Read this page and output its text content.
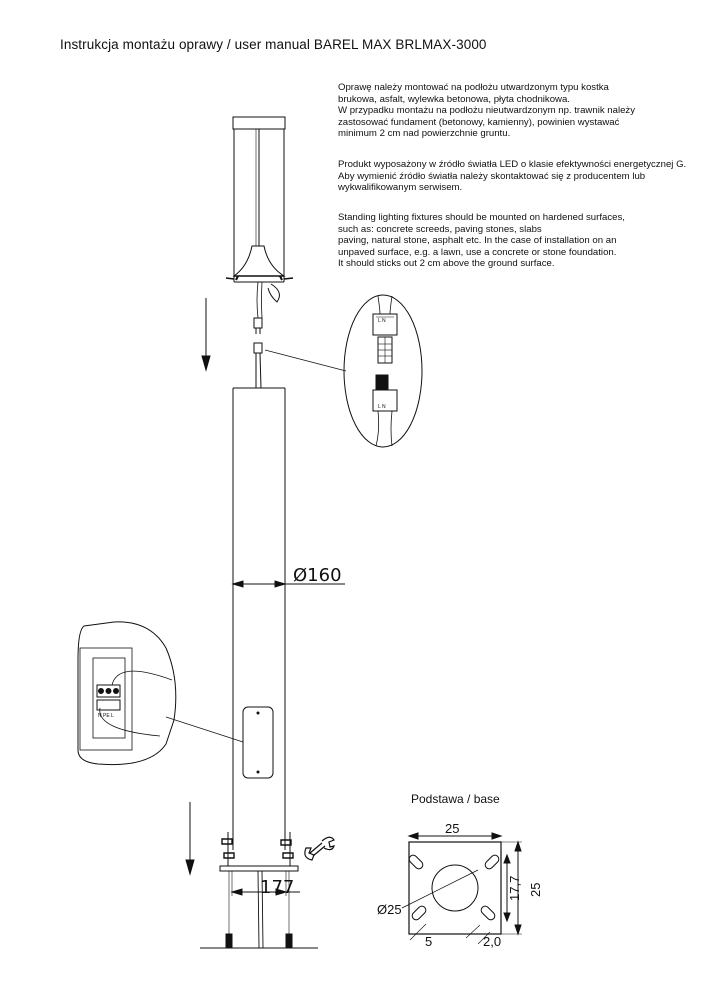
Instrukcja montażu oprawy / user manual BAREL MAX BRLMAX-3000
Oprawę należy montować na podłożu utwardzonym typu kostka
brukowa, asfalt, wylewka betonowa, płyta chodnikowa.
W przypadku montażu na podłożu nieutwardzonym np. trawnik należy
zastosować fundament (betonowy, kamienny), powinien wystawać
minimum 2 cm nad powierzchnie gruntu.
Produkt wyposażony w źródło światła LED o klasie efektywności energetycznej G.
Aby wymienić źródło światła należy skontaktować się z producentem lub
wykwalifikowanym serwisem.
Standing lighting fixtures should be mounted on hardened surfaces,
such as: concrete screeds, paving stones, slabs
paving, natural stone, asphalt etc. In the case of installation on an
unpaved surface, e.g. a lawn, use a concrete or stone foundation.
It should sticks out 2 cm above the ground surface.
Ø160
177
L N
L N
N PE L
Podstawa / base
25
25
17,7
Ø25
5	2,0
